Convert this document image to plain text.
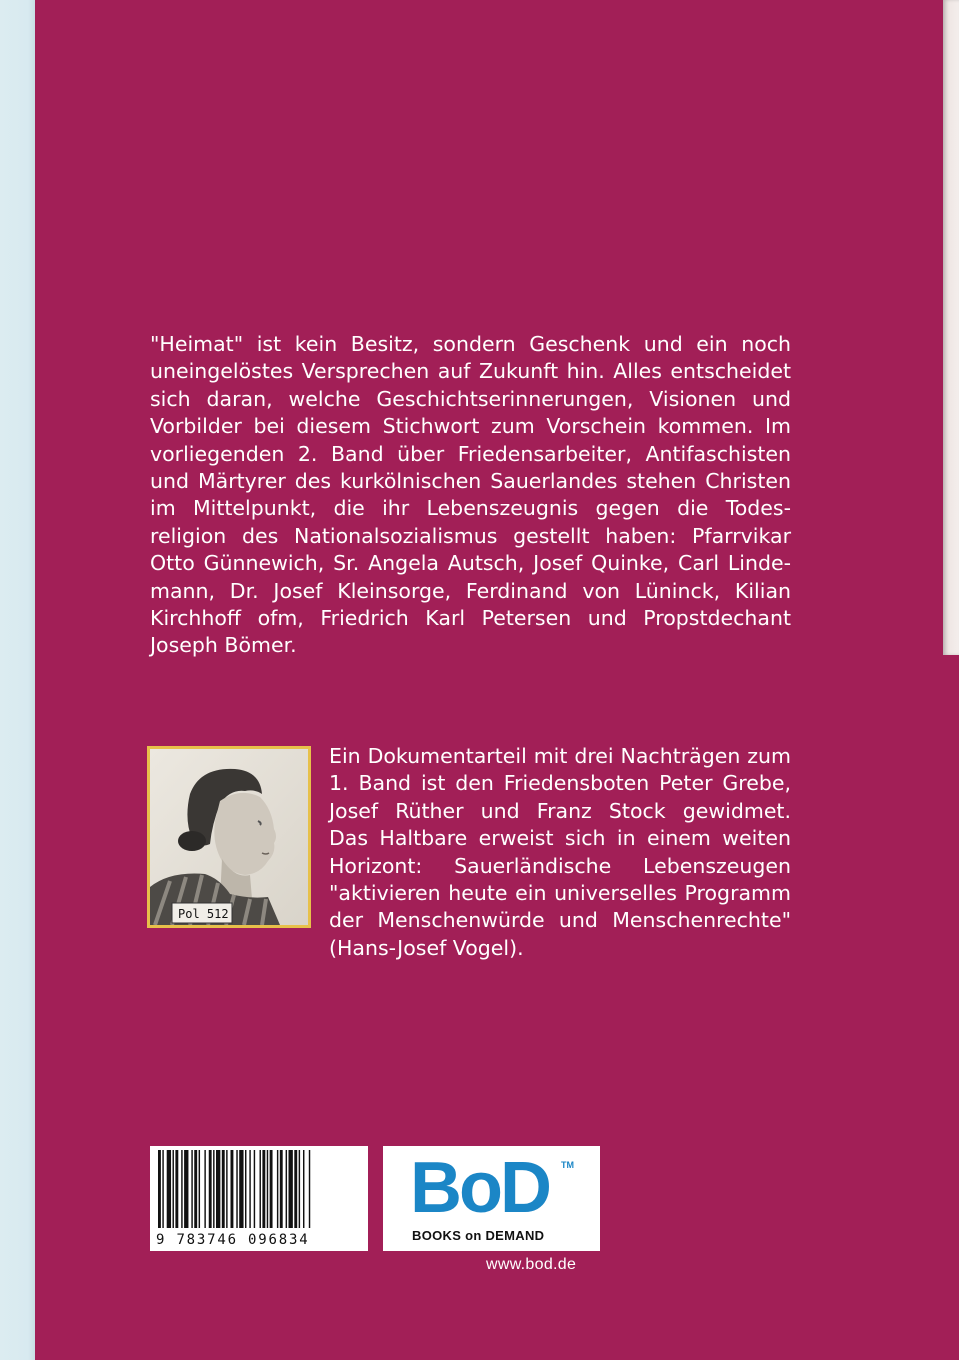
"Heimat" ist kein Besitz, sondern Geschenk und ein noch
uneingelöstes Versprechen auf Zukunft hin. Alles entscheidet
sich daran, welche Geschichtserinnerungen, Visionen und
Vorbilder bei diesem Stichwort zum Vorschein kommen. Im
vorliegenden 2. Band über Friedensarbeiter, Antifaschisten
und Märtyrer des kurkölnischen Sauerlandes stehen Christen
im Mittelpunkt, die ihr Lebenszeugnis gegen die Todes-
religion des Nationalsozialismus gestellt haben: Pfarrvikar
Otto Günnewich, Sr. Angela Autsch, Josef Quinke, Carl Linde-
mann, Dr. Josef Kleinsorge, Ferdinand von Lüninck, Kilian
Kirchhoff ofm, Friedrich Karl Petersen und Propstdechant
Joseph Bömer.
Pol 512
Ein Dokumentarteil mit drei Nachträgen zum
1. Band ist den Friedensboten Peter Grebe,
Josef Rüther und Franz Stock gewidmet.
Das Haltbare erweist sich in einem weiten
Horizont: Sauerländische Lebenszeugen
"aktivieren heute ein universelles Programm
der Menschenwürde und Menschenrechte"
(Hans-Josef Vogel).
9 783746 096834
BoD TM
BOOKS on DEMAND
www.bod.de
